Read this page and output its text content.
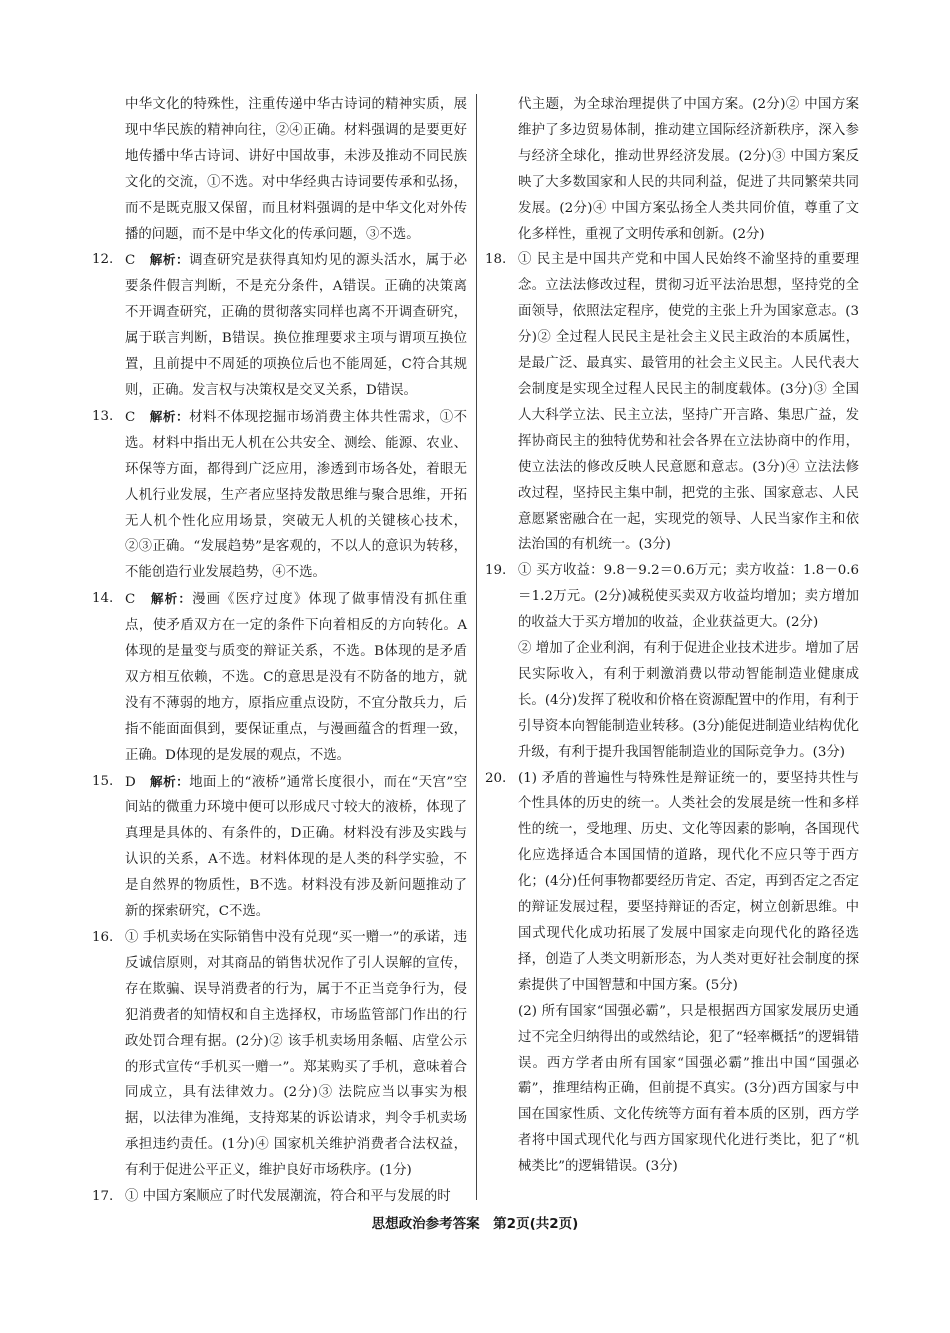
中华文化的特殊性，注重传递中华古诗词的精神实质，展现中华民族的精神向往，②④正确。材料强调的是要更好地传播中华古诗词、讲好中国故事，未涉及推动不同民族文化的交流，①不选。对中华经典古诗词要传承和弘扬，而不是既克服又保留，而且材料强调的是中华文化对外传播的问题，而不是中华文化的传承问题，③不选。

12. C　 解析：调查研究是获得真知灼见的源头活水，属于必要条件假言判断，不是充分条件，A错误。正确的决策离不开调查研究，正确的贯彻落实同样也离不开调查研究，属于联言判断，B错误。换位推理要求主项与谓项互换位置，且前提中不周延的项换位后也不能周延，C符合其规则，正确。发言权与决策权是交叉关系，D错误。

13. C　 解析：材料不体现挖掘市场消费主体共性需求，①不选。材料中指出无人机在公共安全、测绘、能源、农业、环保等方面，都得到广泛应用，渗透到市场各处，着眼无人机行业发展，生产者应坚持发散思维与聚合思维，开拓无人机个性化应用场景，突破无人机的关键核心技术，②③正确。“发展趋势”是客观的，不以人的意识为转移，不能创造行业发展趋势，④不选。

14. C　 解析：漫画《医疗过度》体现了做事情没有抓住重点，使矛盾双方在一定的条件下向着相反的方向转化。A体现的是量变与质变的辩证关系，不选。B体现的是矛盾双方相互依赖，不选。C的意思是没有不防备的地方，就没有不薄弱的地方，原指应重点设防，不宜分散兵力，后指不能面面俱到，要保证重点，与漫画蕴含的哲理一致，正确。D体现的是发展的观点，不选。

15. D　 解析：地面上的“液桥”通常长度很小，而在“天宫”空间站的微重力环境中便可以形成尺寸较大的液桥，体现了真理是具体的、有条件的，D正确。材料没有涉及实践与认识的关系，A不选。材料体现的是人类的科学实验，不是自然界的物质性，B不选。材料没有涉及新问题推动了新的探索研究，C不选。

16. ① 手机卖场在实际销售中没有兑现“买一赠一”的承诺，违反诚信原则，对其商品的销售状况作了引人误解的宣传，存在欺骗、误导消费者的行为，属于不正当竞争行为，侵犯消费者的知情权和自主选择权，市场监管部门作出的行政处罚合理有据。(2分)② 该手机卖场用条幅、店堂公示的形式宣传“手机买一赠一”。郑某购买了手机，意味着合同成立，具有法律效力。(2分)③ 法院应当以事实为根据，以法律为准绳，支持郑某的诉讼请求，判令手机卖场承担违约责任。(1分)④ 国家机关维护消费者合法权益，有利于促进公平正义，维护良好市场秩序。(1分)

17. ① 中国方案顺应了时代发展潮流，符合和平与发展的时

代主题，为全球治理提供了中国方案。(2分)② 中国方案维护了多边贸易体制，推动建立国际经济新秩序，深入参与经济全球化，推动世界经济发展。(2分)③ 中国方案反映了大多数国家和人民的共同利益，促进了共同繁荣共同发展。(2分)④ 中国方案弘扬全人类共同价值，尊重了文化多样性，重视了文明传承和创新。(2分)

18. ① 民主是中国共产党和中国人民始终不渝坚持的重要理念。立法法修改过程，贯彻习近平法治思想，坚持党的全面领导，依照法定程序，使党的主张上升为国家意志。(3分)② 全过程人民民主是社会主义民主政治的本质属性，是最广泛、最真实、最管用的社会主义民主。人民代表大会制度是实现全过程人民民主的制度载体。(3分)③ 全国人大科学立法、民主立法，坚持广开言路、集思广益，发挥协商民主的独特优势和社会各界在立法协商中的作用，使立法法的修改反映人民意愿和意志。(3分)④ 立法法修改过程，坚持民主集中制，把党的主张、国家意志、人民意愿紧密融合在一起，实现党的领导、人民当家作主和依法治国的有机统一。(3分)

19. ① 买方收益：9.8－9.2＝0.6万元；卖方收益：1.8－0.6＝1.2万元。(2分)减税使买卖双方收益均增加；卖方增加的收益大于买方增加的收益，企业获益更大。(2分)
② 增加了企业利润，有利于促进企业技术进步。增加了居民实际收入，有利于刺激消费以带动智能制造业健康成长。(4分)发挥了税收和价格在资源配置中的作用，有利于引导资本向智能制造业转移。(3分)能促进制造业结构优化升级，有利于提升我国智能制造业的国际竞争力。(3分)
20. (1) 矛盾的普遍性与特殊性是辩证统一的，要坚持共性与个性具体的历史的统一。人类社会的发展是统一性和多样性的统一，受地理、历史、文化等因素的影响，各国现代化应选择适合本国国情的道路，现代化不应只等于西方化；(4分)任何事物都要经历肯定、否定，再到否定之否定的辩证发展过程，要坚持辩证的否定，树立创新思维。中国式现代化成功拓展了发展中国家走向现代化的路径选择，创造了人类文明新形态，为人类对更好社会制度的探索提供了中国智慧和中国方案。(5分)
(2) 所有国家“国强必霸”，只是根据西方国家发展历史通过不完全归纳得出的或然结论，犯了“轻率概括”的逻辑错误。西方学者由所有国家“国强必霸”推出中国“国强必霸”，推理结构正确，但前提不真实。(3分)西方国家与中国在国家性质、文化传统等方面有着本质的区别，西方学者将中国式现代化与西方国家现代化进行类比，犯了“机械类比”的逻辑错误。(3分)
思想政治参考答案　第2页(共2页)
